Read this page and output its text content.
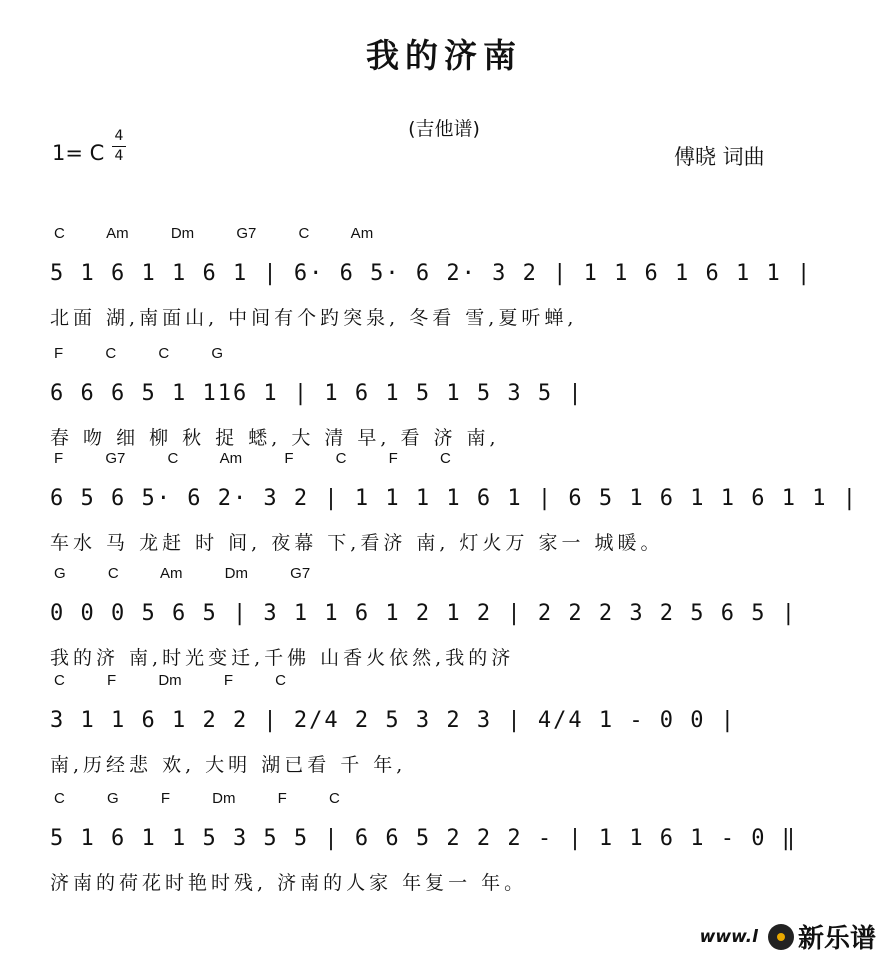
我的济南
(吉他谱)
1= C
4
4	傅晓 词曲
C Am Dm G7 C Am
5 1 6 1 1 6 1 | 6· 6 5· 6 2· 3 2 | 1 1 6 1 6 1 1 |
北面 湖,南面山, 中间有个趵突泉, 冬看 雪,夏听蝉,
F C C G
6 6 6 5 1 116 1 | 1 6 1 5 1 5 3 5 |
春 吻 细 柳 秋 捉 蟋, 大 清 早, 看 济 南,
F G7 C Am F C F C
6 5 6 5· 6 2· 3 2 | 1 1 1 1 6 1 | 6 5 1 6 1 1 6 1 1 |
车水 马 龙赶 时 间, 夜幕 下,看济 南, 灯火万 家一 城暖。
G C Am Dm G7
0 0 0 5 6 5 | 3 1 1 6 1 2 1 2 | 2 2 2 3 2 5 6 5 |
我的济 南,时光变迁,千佛 山香火依然,我的济
C F Dm F C
3 1 1 6 1 2 2 | 2/4 2 5 3 2 3 | 4/4 1 - 0 0 |
南,历经悲 欢, 大明 湖已看 千 年,
C G F Dm F C
5 1 6 1 1 5 3 5 5 | 6 6 5 2 2 2 - | 1 1 6 1 - 0 ‖
济南的荷花时艳时残, 济南的人家 年复一 年。
www.l 新乐谱
